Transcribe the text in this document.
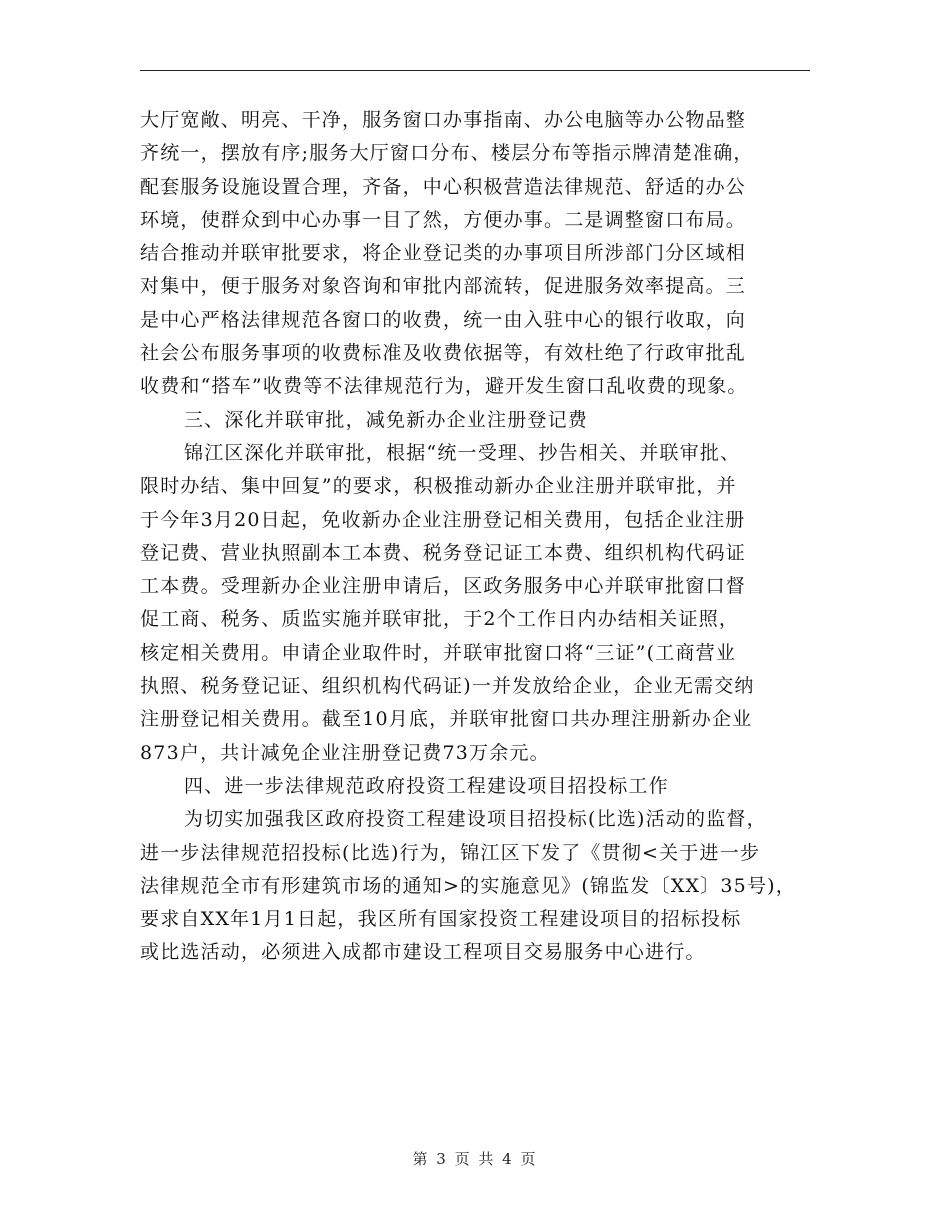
大厅宽敞、明亮、干净，服务窗口办事指南、办公电脑等办公物品整
齐统一，摆放有序;服务大厅窗口分布、楼层分布等指示牌清楚准确，
配套服务设施设置合理，齐备，中心积极营造法律规范、舒适的办公
环境，使群众到中心办事一目了然，方便办事。二是调整窗口布局。
结合推动并联审批要求，将企业登记类的办事项目所涉部门分区域相
对集中，便于服务对象咨询和审批内部流转，促进服务效率提高。三
是中心严格法律规范各窗口的收费，统一由入驻中心的银行收取，向
社会公布服务事项的收费标准及收费依据等，有效杜绝了行政审批乱
收费和“搭车”收费等不法律规范行为，避开发生窗口乱收费的现象。
三、深化并联审批，减免新办企业注册登记费
锦江区深化并联审批，根据“统一受理、抄告相关、并联审批、
限时办结、集中回复”的要求，积极推动新办企业注册并联审批，并
于今年3月20日起，免收新办企业注册登记相关费用，包括企业注册
登记费、营业执照副本工本费、税务登记证工本费、组织机构代码证
工本费。受理新办企业注册申请后，区政务服务中心并联审批窗口督
促工商、税务、质监实施并联审批，于2个工作日内办结相关证照，
核定相关费用。申请企业取件时，并联审批窗口将“三证”(工商营业
执照、税务登记证、组织机构代码证)一并发放给企业，企业无需交纳
注册登记相关费用。截至10月底，并联审批窗口共办理注册新办企业
873户，共计减免企业注册登记费73万余元。
四、进一步法律规范政府投资工程建设项目招投标工作
为切实加强我区政府投资工程建设项目招投标(比选)活动的监督，
进一步法律规范招投标(比选)行为，锦江区下发了《贯彻<关于进一步
法律规范全市有形建筑市场的通知>的实施意见》(锦监发〔XX〕35号)，
要求自XX年1月1日起，我区所有国家投资工程建设项目的招标投标
或比选活动，必须进入成都市建设工程项目交易服务中心进行。
第 3 页 共 4 页
